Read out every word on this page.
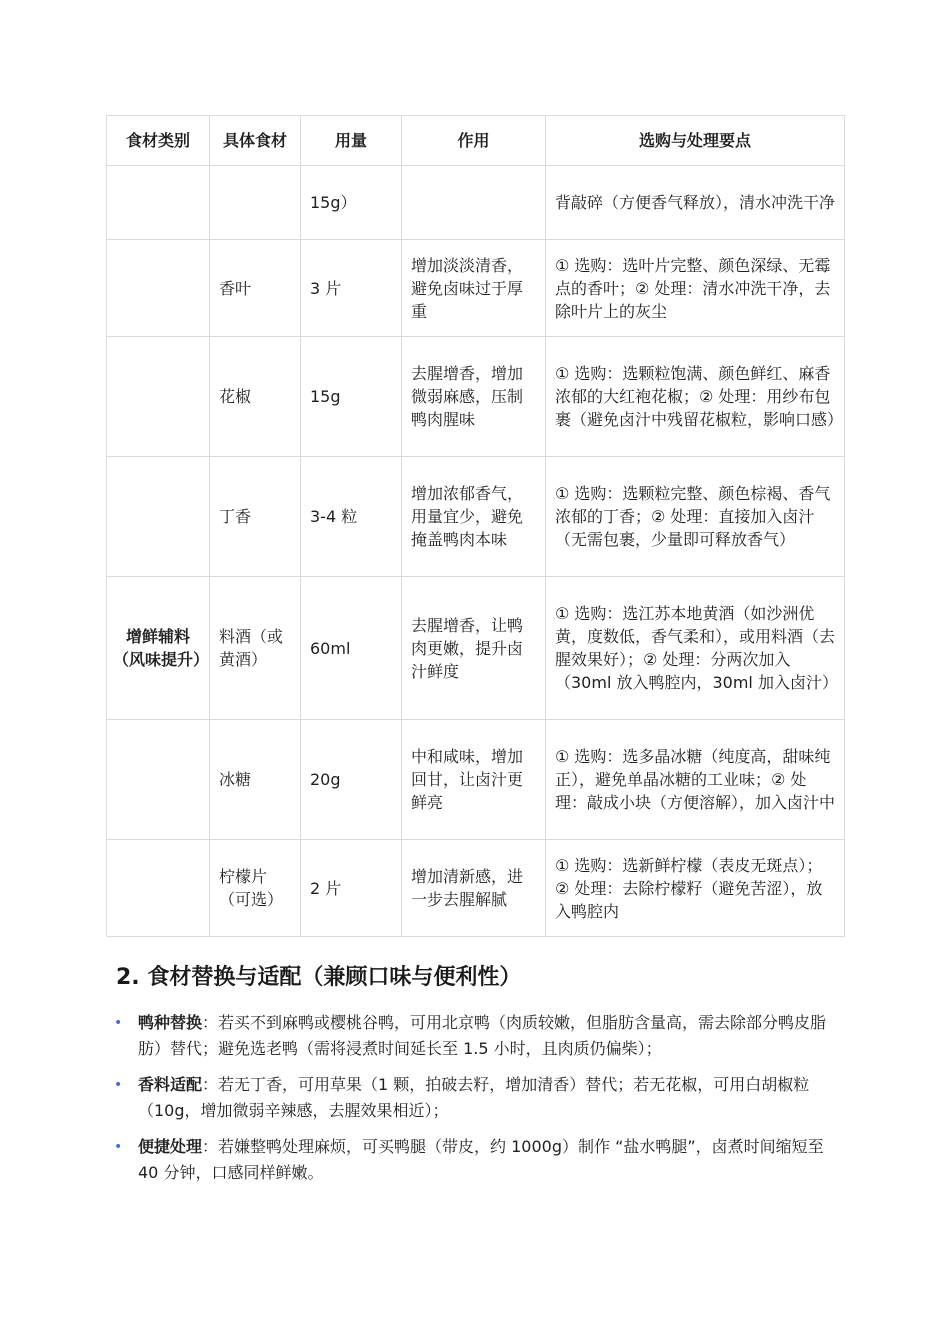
食材类别	具体食材	用量	作用	选购与处理要点
		15g）		背敲碎（方便香气释放），清水冲洗干净
	香叶	3 片	增加淡淡清香，避免卤味过于厚重	① 选购：选叶片完整、颜色深绿、无霉点的香叶；② 处理：清水冲洗干净，去除叶片上的灰尘
	花椒	15g	去腥增香，增加微弱麻感，压制鸭肉腥味	① 选购：选颗粒饱满、颜色鲜红、麻香浓郁的大红袍花椒；② 处理：用纱布包裹（避免卤汁中残留花椒粒，影响口感）
	丁香	3-4 粒	增加浓郁香气，用量宜少，避免掩盖鸭肉本味	① 选购：选颗粒完整、颜色棕褐、香气浓郁的丁香；② 处理：直接加入卤汁（无需包裹，少量即可释放香气）
增鲜辅料（风味提升）	料酒（或黄酒）	60ml	去腥增香，让鸭肉更嫩，提升卤汁鲜度	① 选购：选江苏本地黄酒（如沙洲优黄，度数低，香气柔和），或用料酒（去腥效果好）；② 处理：分两次加入（30ml 放入鸭腔内，30ml 加入卤汁）
	冰糖	20g	中和咸味，增加回甘，让卤汁更鲜亮	① 选购：选多晶冰糖（纯度高，甜味纯正），避免单晶冰糖的工业味；② 处理：敲成小块（方便溶解），加入卤汁中
	柠檬片（可选）	2 片	增加清新感，进一步去腥解腻	① 选购：选新鲜柠檬（表皮无斑点）；② 处理：去除柠檬籽（避免苦涩），放入鸭腔内
2. 食材替换与适配（兼顾口味与便利性）
• 鸭种替换：若买不到麻鸭或樱桃谷鸭，可用北京鸭（肉质较嫩，但脂肪含量高，需去除部分鸭皮脂肪）替代；避免选老鸭（需将浸煮时间延长至 1.5 小时，且肉质仍偏柴）；
• 香料适配：若无丁香，可用草果（1 颗，拍破去籽，增加清香）替代；若无花椒，可用白胡椒粒（10g，增加微弱辛辣感，去腥效果相近）；
• 便捷处理：若嫌整鸭处理麻烦，可买鸭腿（带皮，约 1000g）制作 “盐水鸭腿”，卤煮时间缩短至 40 分钟，口感同样鲜嫩。
